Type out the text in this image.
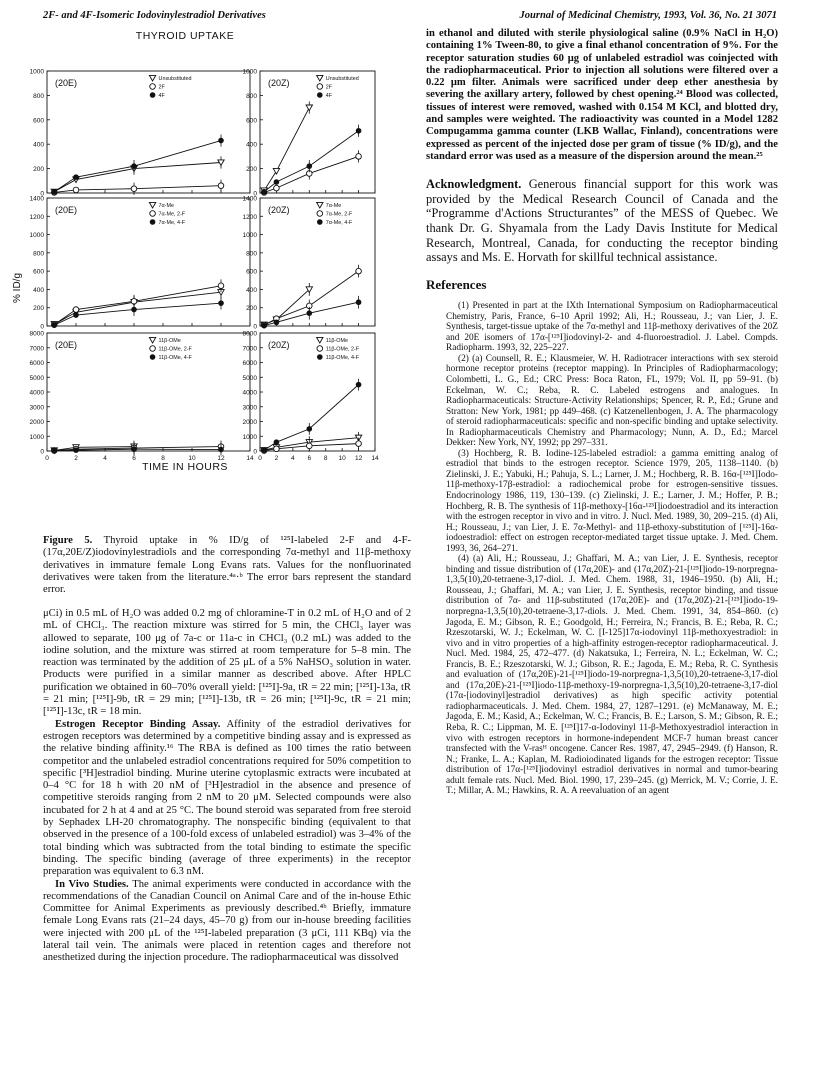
2F- and 4F-Isomeric Iodovinylestradiol Derivatives	Journal of Medicinal Chemistry, 1993, Vol. 36, No. 21 3071
THYROID UPTAKE
% ID/g
TIME IN HOURS
0
200
400
600
800
1000
(20E)	Unsubstituted
2F
4F
0
200
400
600
800
1000
(20Z)	Unsubstituted
2F
4F
0
200
400
600
800
1000
1200
1400
(20E)	7α-Me
7α-Me, 2-F
7α-Me, 4-F
0
200
400
600
800
1000
1200
1400
(20Z)	7α-Me
7α-Me, 2-F
7α-Me, 4-F
0
1000
2000
3000
4000
5000
6000
7000
8000
0	2	4	6	8	10	12	14
(20E)	11β-OMe
11β-OMe, 2-F
11β-OMe, 4-F
0
1000
2000
3000
4000
5000
6000
7000
8000
0 2 4 6 8 10 12 14
(20Z)	11β-OMe
11β-OMe, 2-F
11β-OMe, 4-F
Figure 5. Thyroid uptake in % ID/g of ¹²⁵I-labeled 2-F and 4-F-(17α,20E/Z)iodovinylestradiols and the corresponding 7α-methyl and 11β-methoxy derivatives in immature female Long Evans rats. Values for the nonfluorinated derivatives were taken from the literature.⁴ᵃ·ᵇ The error bars represent the standard error.

μCi) in 0.5 mL of H₂O was added 0.2 mg of chloramine-T in 0.2 mL of H₂O and of 2 mL of CHCl₃. The reaction mixture was stirred for 5 min, the CHCl₃ layer was allowed to separate, 100 μg of 7a-c or 11a-c in CHCl₃ (0.2 mL) was added to the iodine solution, and the mixture was stirred at room temperature for 5–8 min. The reaction was terminated by the addition of 25 μL of a 5% NaHSO₃ solution in water. Products were purified in a similar manner as described above. After HPLC purification we obtained in 60–70% overall yield: [¹²⁵I]-9a, tR = 22 min; [¹²⁵I]-13a, tR = 21 min; [¹²⁵I]-9b, tR = 29 min; [¹²⁵I]-13b, tR = 26 min; [¹²⁵I]-9c, tR = 21 min; [¹²⁵I]-13c, tR = 18 min.

Estrogen Receptor Binding Assay. Affinity of the estradiol derivatives for estrogen receptors was determined by a competitive binding assay and is expressed as the relative binding affinity.¹⁶ The RBA is defined as 100 times the ratio between competitor and the unlabeled estradiol concentrations required for 50% competition to specific [³H]estradiol binding. Murine uterine cytoplasmic extracts were incubated at 0–4 °C for 18 h with 20 nM of [³H]estradiol in the absence and presence of competitive steroids ranging from 2 nM to 20 μM. Selected compounds were also incubated for 2 h at 4 and at 25 °C. The bound steroid was separated from free steroid by Sephadex LH-20 chromatography. The nonspecific binding (equivalent to that observed in the presence of a 100-fold excess of unlabeled estradiol) was 3–4% of the total binding which was subtracted from the total binding to estimate the specific binding. The specific binding (average of three experiments) in the receptor preparation was equivalent to 6.3 nM.

In Vivo Studies. The animal experiments were conducted in accordance with the recommendations of the Canadian Council on Animal Care and of the in-house Ethic Committee for Animal Experiments as previously described.⁴ᵇ Briefly, immature female Long Evans rats (21–24 days, 45–70 g) from our in-house breeding facilities were injected with 200 μL of the ¹²⁵I-labeled preparation (3 μCi, 111 KBq) via the lateral tail vein. The animals were placed in retention cages and therefore not anesthetized during the injection procedure. The radiopharmaceutical was dissolved

in ethanol and diluted with sterile physiological saline (0.9% NaCl in H₂O) containing 1% Tween-80, to give a final ethanol concentration of 9%. For the receptor saturation studies 60 μg of unlabeled estradiol was coinjected with the radiopharmaceutical. Prior to injection all solutions were filtered over a 0.22 μm filter. Animals were sacrificed under deep ether anesthesia by severing the axillary artery, followed by chest opening.²⁴ Blood was collected, tissues of interest were removed, washed with 0.154 M KCl, and blotted dry, and samples were weighted. The radioactivity was counted in a Model 1282 Compugamma gamma counter (LKB Wallac, Finland), concentrations were expressed as percent of the injected dose per gram of tissue (% ID/g), and the standard error was used as a measure of the dispersion around the mean.²⁵

Acknowledgment. Generous financial support for this work was provided by the Medical Research Council of Canada and the “Programme d'Actions Structurantes” of the MESS of Quebec. We thank Dr. G. Shyamala from the Lady Davis Institute for Medical Research, Montreal, Canada, for conducting the receptor binding assays and Ms. E. Horvath for skillful technical assistance.
References

(1) Presented in part at the IXth International Symposium on Radiopharmaceutical Chemistry, Paris, France, 6–10 April 1992; Ali, H.; Rousseau, J.; van Lier, J. E. Synthesis, target-tissue uptake of the 7α-methyl and 11β-methoxy derivatives of the 20Z and 20E isomers of 17α-[¹²⁵I]iodovinyl-2- and 4-fluoroestradiol. J. Label. Compds. Radiopharm. 1993, 32, 225–227.

(2) (a) Counsell, R. E.; Klausmeier, W. H. Radiotracer interactions with sex steroid hormone receptor proteins (receptor mapping). In Principles of Radiopharmacology; Colombetti, L. G., Ed.; CRC Press: Boca Raton, FL, 1979; Vol. II, pp 59–91. (b) Eckelman, W. C.; Reba, R. C. Labeled estrogens and analogues. In Radiopharmaceuticals: Structure-Activity Relationships; Spencer, R. P., Ed.; Grune and Stratton: New York, 1981; pp 449–468. (c) Katzenellenbogen, J. A. The pharmacology of steroid radiopharmaceuticals: specific and non-specific binding and uptake selectivity. In Radiopharmaceuticals Chemistry and Pharmacology; Nunn, A. D., Ed.; Marcel Dekker: New York, NY, 1992; pp 297–331.

(3) Hochberg, R. B. Iodine-125-labeled estradiol: a gamma emitting analog of estradiol that binds to the estrogen receptor. Science 1979, 205, 1138–1140. (b) Zielinski, J. E.; Yabuki, H.; Pahuja, S. L.; Larner, J. M.; Hochberg, R. B. 16α-[¹²⁵I]Iodo-11β-methoxy-17β-estradiol: a radiochemical probe for estrogen-sensitive tissues. Endocrinology 1986, 119, 130–139. (c) Zielinski, J. E.; Larner, J. M.; Hoffer, P. B.; Hochberg, R. B. The synthesis of 11β-methoxy-[16α-¹²³I]iodoestradiol and its interaction with the estrogen receptor in vivo and in vitro. J. Nucl. Med. 1989, 30, 209–215. (d) Ali, H.; Rousseau, J.; van Lier, J. E. 7α-Methyl- and 11β-ethoxy-substitution of [¹²⁵I]-16α-iodoestradiol: effect on estrogen receptor-mediated target tissue uptake. J. Med. Chem. 1993, 36, 264–271.

(4) (a) Ali, H.; Rousseau, J.; Ghaffari, M. A.; van Lier, J. E. Synthesis, receptor binding and tissue distribution of (17α,20E)- and (17α,20Z)-21-[¹²⁵I]iodo-19-norpregna-1,3,5(10),20-tetraene-3,17-diol. J. Med. Chem. 1988, 31, 1946–1950. (b) Ali, H.; Rousseau, J.; Ghaffari, M. A.; van Lier, J. E. Synthesis, receptor binding, and tissue distribution of 7α- and 11β-substituted (17α,20E)- and (17α,20Z)-21-[¹²⁵I]iodo-19-norpregna-1,3,5(10),20-tetraene-3,17-diols. J. Med. Chem. 1991, 34, 854–860. (c) Jagoda, E. M.; Gibson, R. E.; Goodgold, H.; Ferreira, N.; Francis, B. E.; Reba, R. C.; Rzeszotarski, W. J.; Eckelman, W. C. [I-125]17α-iodovinyl 11β-methoxyestradiol: in vivo and in vitro properties of a high-affinity estrogen-receptor radiopharmaceutical. J. Nucl. Med. 1984, 25, 472–477. (d) Nakatsuka, I.; Ferreira, N. L.; Eckelman, W. C.; Francis, B. E.; Rzeszotarski, W. J.; Gibson, R. E.; Jagoda, E. M.; Reba, R. C. Synthesis and evaluation of (17α,20E)-21-[¹²⁵I]iodo-19-norpregna-1,3,5(10),20-tetraene-3,17-diol and (17α,20E)-21-[¹²⁵I]iodo-11β-methoxy-19-norpregna-1,3,5(10),20-tetraene-3,17-diol (17α-[iodovinyl]estradiol derivatives) as high specific activity potential radiopharmaceuticals. J. Med. Chem. 1984, 27, 1287–1291. (e) McManaway, M. E.; Jagoda, E. M.; Kasid, A.; Eckelman, W. C.; Francis, B. E.; Larson, S. M.; Gibson, R. E.; Reba, R. C.; Lippman, M. E. [¹²⁵I]17-α-Iodovinyl 11-β-Methoxyestradiol interaction in vivo with estrogen receptors in hormone-independent MCF-7 human breast cancer transfected with the V-rasᴴ oncogene. Cancer Res. 1987, 47, 2945–2949. (f) Hanson, R. N.; Franke, L. A.; Kaplan, M. Radioiodinated ligands for the estrogen receptor: Tissue distribution of 17α-[¹²⁵I]iodovinyl estradiol derivatives in normal and tumor-bearing adult female rats. Nucl. Med. Biol. 1990, 17, 239–245. (g) Merrick, M. V.; Corrie, J. E. T.; Millar, A. M.; Hawkins, R. A. A reevaluation of an agent
